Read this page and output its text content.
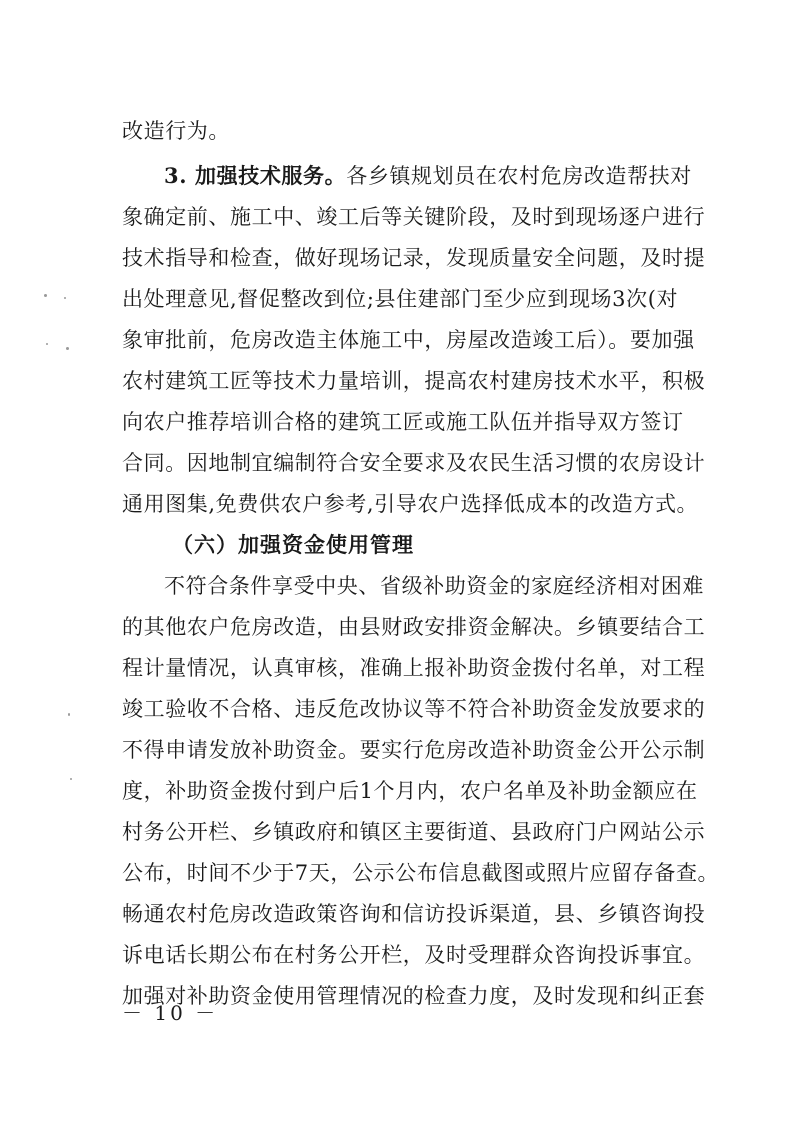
改造行为。
3. 加强技术服务。各乡镇规划员在农村危房改造帮扶对
象确定前、施工中、竣工后等关键阶段，及时到现场逐户进行
技术指导和检查，做好现场记录，发现质量安全问题，及时提
出处理意见,督促整改到位;县住建部门至少应到现场3次(对
象审批前，危房改造主体施工中，房屋改造竣工后）。要加强
农村建筑工匠等技术力量培训，提高农村建房技术水平，积极
向农户推荐培训合格的建筑工匠或施工队伍并指导双方签订
合同。因地制宜编制符合安全要求及农民生活习惯的农房设计
通用图集,免费供农户参考,引导农户选择低成本的改造方式。
（六）加强资金使用管理
不符合条件享受中央、省级补助资金的家庭经济相对困难
的其他农户危房改造，由县财政安排资金解决。乡镇要结合工
程计量情况，认真审核，准确上报补助资金拨付名单，对工程
竣工验收不合格、违反危改协议等不符合补助资金发放要求的
不得申请发放补助资金。要实行危房改造补助资金公开公示制
度，补助资金拨付到户后1个月内，农户名单及补助金额应在
村务公开栏、乡镇政府和镇区主要街道、县政府门户网站公示
公布，时间不少于7天，公示公布信息截图或照片应留存备查。
畅通农村危房改造政策咨询和信访投诉渠道，县、乡镇咨询投
诉电话长期公布在村务公开栏，及时受理群众咨询投诉事宜。
加强对补助资金使用管理情况的检查力度，及时发现和纠正套
－ 10 －
